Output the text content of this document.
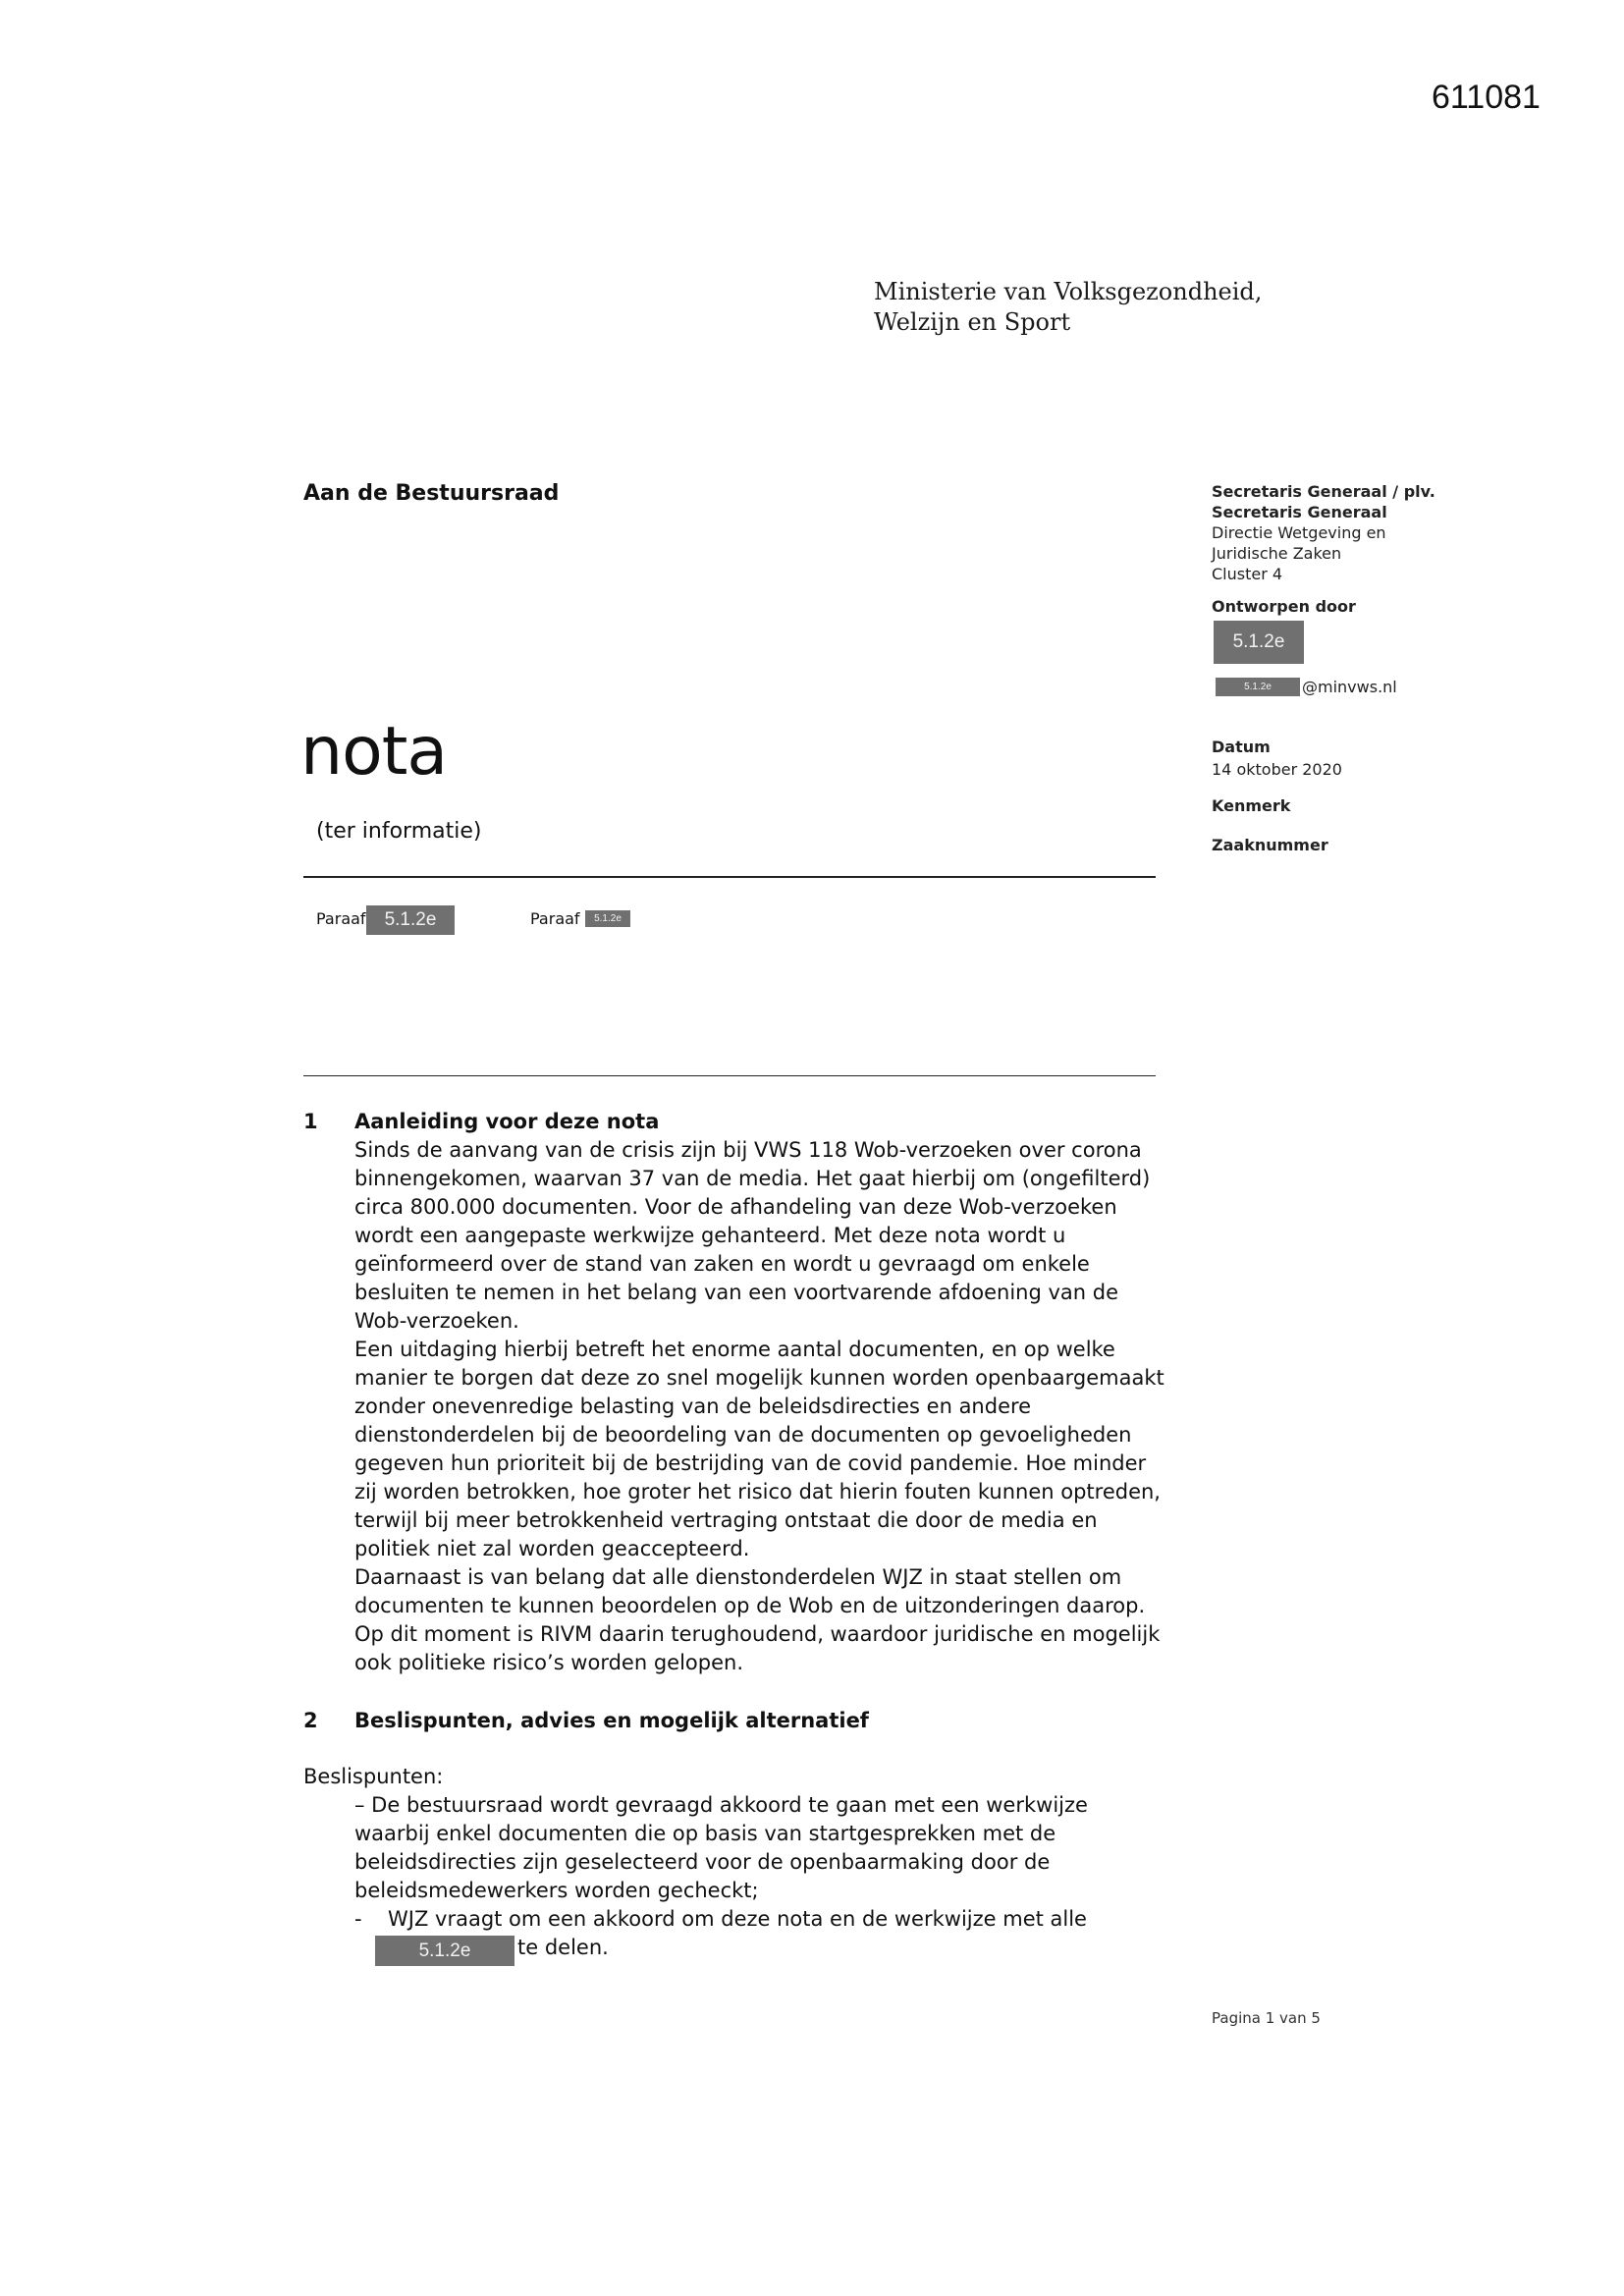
611081
Ministerie van Volksgezondheid,
Welzijn en Sport
Aan de Bestuursraad	Secretaris Generaal / plv.
Secretaris Generaal
Directie Wetgeving en
Juridische Zaken
Cluster 4
Ontworpen door
5.1.2e
5.1.2e	@minvws.nl
Datum
14 oktober 2020
Kenmerk
Zaaknummer
nota
(ter informatie)
Paraaf	5.1.2e	Paraaf	5.1.2e
1 Aanleiding voor deze nota
Sinds de aanvang van de crisis zijn bij VWS 118 Wob-verzoeken over corona
binnengekomen, waarvan 37 van de media. Het gaat hierbij om (ongefilterd)
circa 800.000 documenten. Voor de afhandeling van deze Wob-verzoeken
wordt een aangepaste werkwijze gehanteerd. Met deze nota wordt u
geïnformeerd over de stand van zaken en wordt u gevraagd om enkele
besluiten te nemen in het belang van een voortvarende afdoening van de
Wob-verzoeken.
Een uitdaging hierbij betreft het enorme aantal documenten, en op welke
manier te borgen dat deze zo snel mogelijk kunnen worden openbaargemaakt
zonder onevenredige belasting van de beleidsdirecties en andere
dienstonderdelen bij de beoordeling van de documenten op gevoeligheden
gegeven hun prioriteit bij de bestrijding van de covid pandemie. Hoe minder
zij worden betrokken, hoe groter het risico dat hierin fouten kunnen optreden,
terwijl bij meer betrokkenheid vertraging ontstaat die door de media en
politiek niet zal worden geaccepteerd.
Daarnaast is van belang dat alle dienstonderdelen WJZ in staat stellen om
documenten te kunnen beoordelen op de Wob en de uitzonderingen daarop.
Op dit moment is RIVM daarin terughoudend, waardoor juridische en mogelijk
ook politieke risico’s worden gelopen.
2 Beslispunten, advies en mogelijk alternatief
Beslispunten:
– De bestuursraad wordt gevraagd akkoord te gaan met een werkwijze
waarbij enkel documenten die op basis van startgesprekken met de
beleidsdirecties zijn geselecteerd voor de openbaarmaking door de
beleidsmedewerkers worden gecheckt;
- WJZ vraagt om een akkoord om deze nota en de werkwijze met alle
5.1.2e	te delen.
Pagina 1 van 5
